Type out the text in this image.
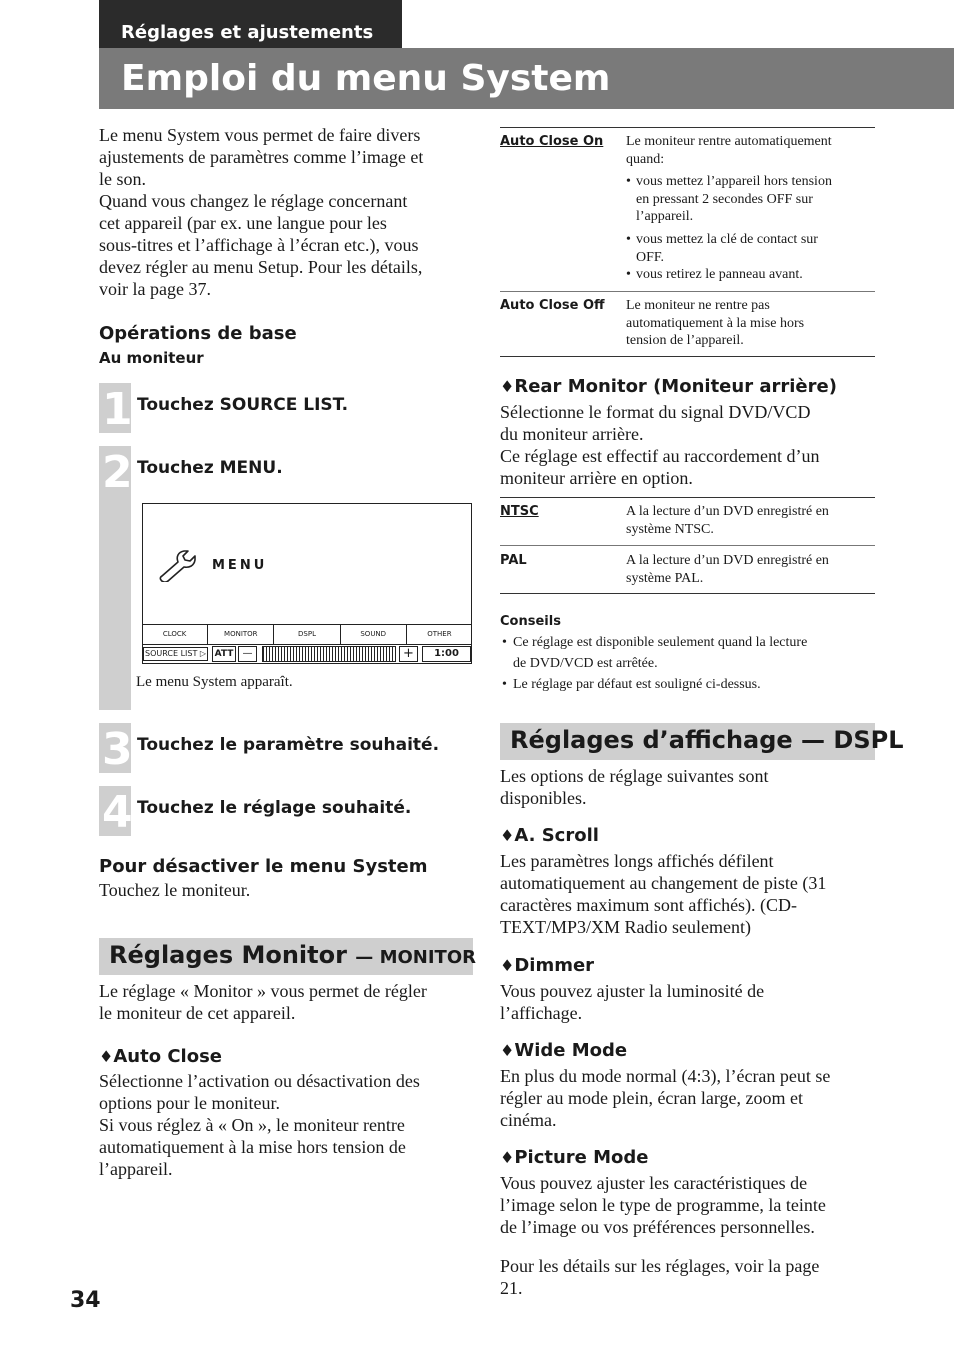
Réglages et ajustements
Emploi du menu System
Le menu System vous permet de faire divers
ajustements de paramètres comme l’image et
le son.
Quand vous changez le réglage concernant
cet appareil (par ex. une langue pour les
sous-titres et l’affichage à l’écran etc.), vous
devez régler au menu Setup. Pour les détails,
voir la page 37.
Opérations de base
Au moniteur
1 Touchez SOURCE LIST.
2 Touchez MENU.
MENU
CLOCK	MONITOR	DSPL	SOUND	OTHER
SOURCE LIST ▷ ATT —	+	1:00
Le menu System apparaît.
3 Touchez le paramètre souhaité.
4 Touchez le réglage souhaité.
Pour désactiver le menu System
Touchez le moniteur.
Réglages Monitor — MONITOR
Le réglage « Monitor » vous permet de régler
le moniteur de cet appareil.
♦Auto Close
Sélectionne l’activation ou désactivation des
options pour le moniteur.
Si vous réglez à « On », le moniteur rentre
automatiquement à la mise hors tension de
l’appareil.
34
Auto Close On Le moniteur rentre automatiquement
quand:
• vous mettez l’appareil hors tension
en pressant 2 secondes OFF sur
l’appareil.
• vous mettez la clé de contact sur
OFF.
• vous retirez le panneau avant.
Auto Close Off Le moniteur ne rentre pas
automatiquement à la mise hors
tension de l’appareil.
♦Rear Monitor (Moniteur arrière)
Sélectionne le format du signal DVD/VCD
du moniteur arrière.
Ce réglage est effectif au raccordement d’un
moniteur arrière en option.
NTSC	A la lecture d’un DVD enregistré en
système NTSC.
PAL	A la lecture d’un DVD enregistré en
système PAL.
Conseils
• Ce réglage est disponible seulement quand la lecture
de DVD/VCD est arrêtée.
• Le réglage par défaut est souligné ci-dessus.
Réglages d’affichage — DSPL
Les options de réglage suivantes sont
disponibles.
♦A. Scroll
Les paramètres longs affichés défilent
automatiquement au changement de piste (31
caractères maximum sont affichés). (CD-
TEXT/MP3/XM Radio seulement)
♦Dimmer
Vous pouvez ajuster la luminosité de
l’affichage.
♦Wide Mode
En plus du mode normal (4:3), l’écran peut se
régler au mode plein, écran large, zoom et
cinéma.
♦Picture Mode
Vous pouvez ajuster les caractéristiques de
l’image selon le type de programme, la teinte
de l’image ou vos préférences personnelles.
Pour les détails sur les réglages, voir la page
21.
